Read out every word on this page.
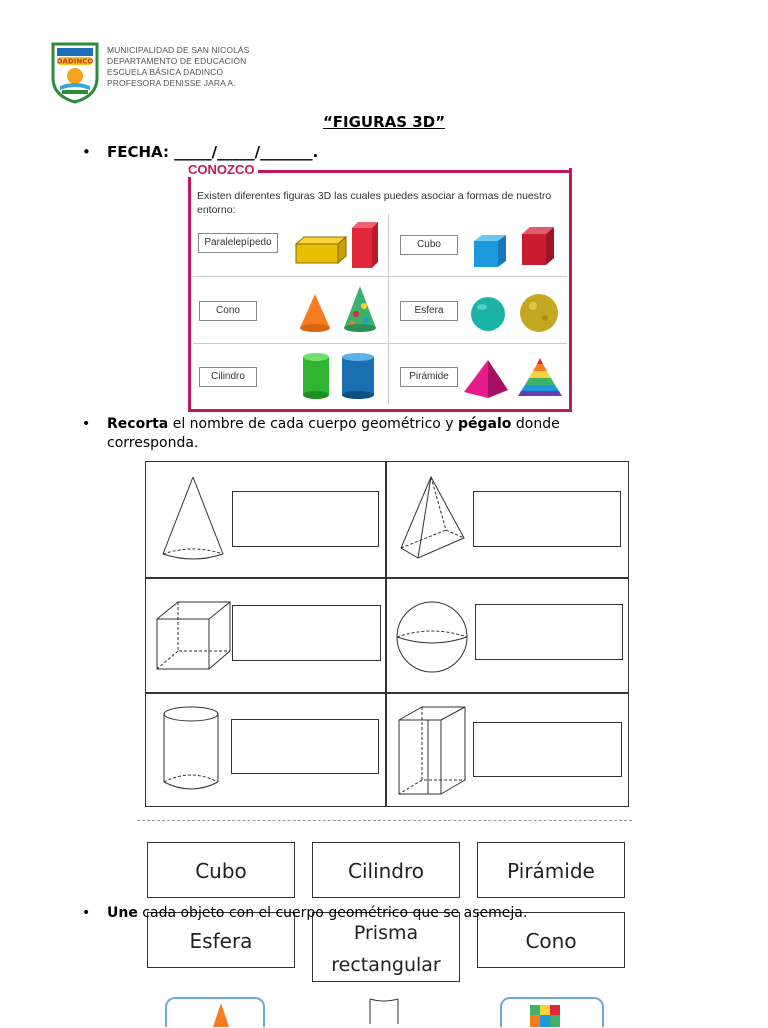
DADINCO
MUNICIPALIDAD DE SAN NICOLÁS
DEPARTAMENTO DE EDUCACIÓN
ESCUELA BÁSICA DADINCO
PROFESORA DENISSE JARA A.
“FIGURAS 3D”
• FECHA: _____/_____/_______.
CONOZCO
Existen diferentes figuras 3D las cuales puedes asociar a formas de nuestro entorno:
Paralelepípedo	Cubo
Cono	Esfera
Cilindro	Pirámide
• Recorta el nombre de cada cuerpo geométrico y pégalo donde corresponda.
Cubo	Cilindro	Pirámide
Esfera	Prisma rectangular
Cono
• Une cada objeto con el cuerpo geométrico que se asemeja.
